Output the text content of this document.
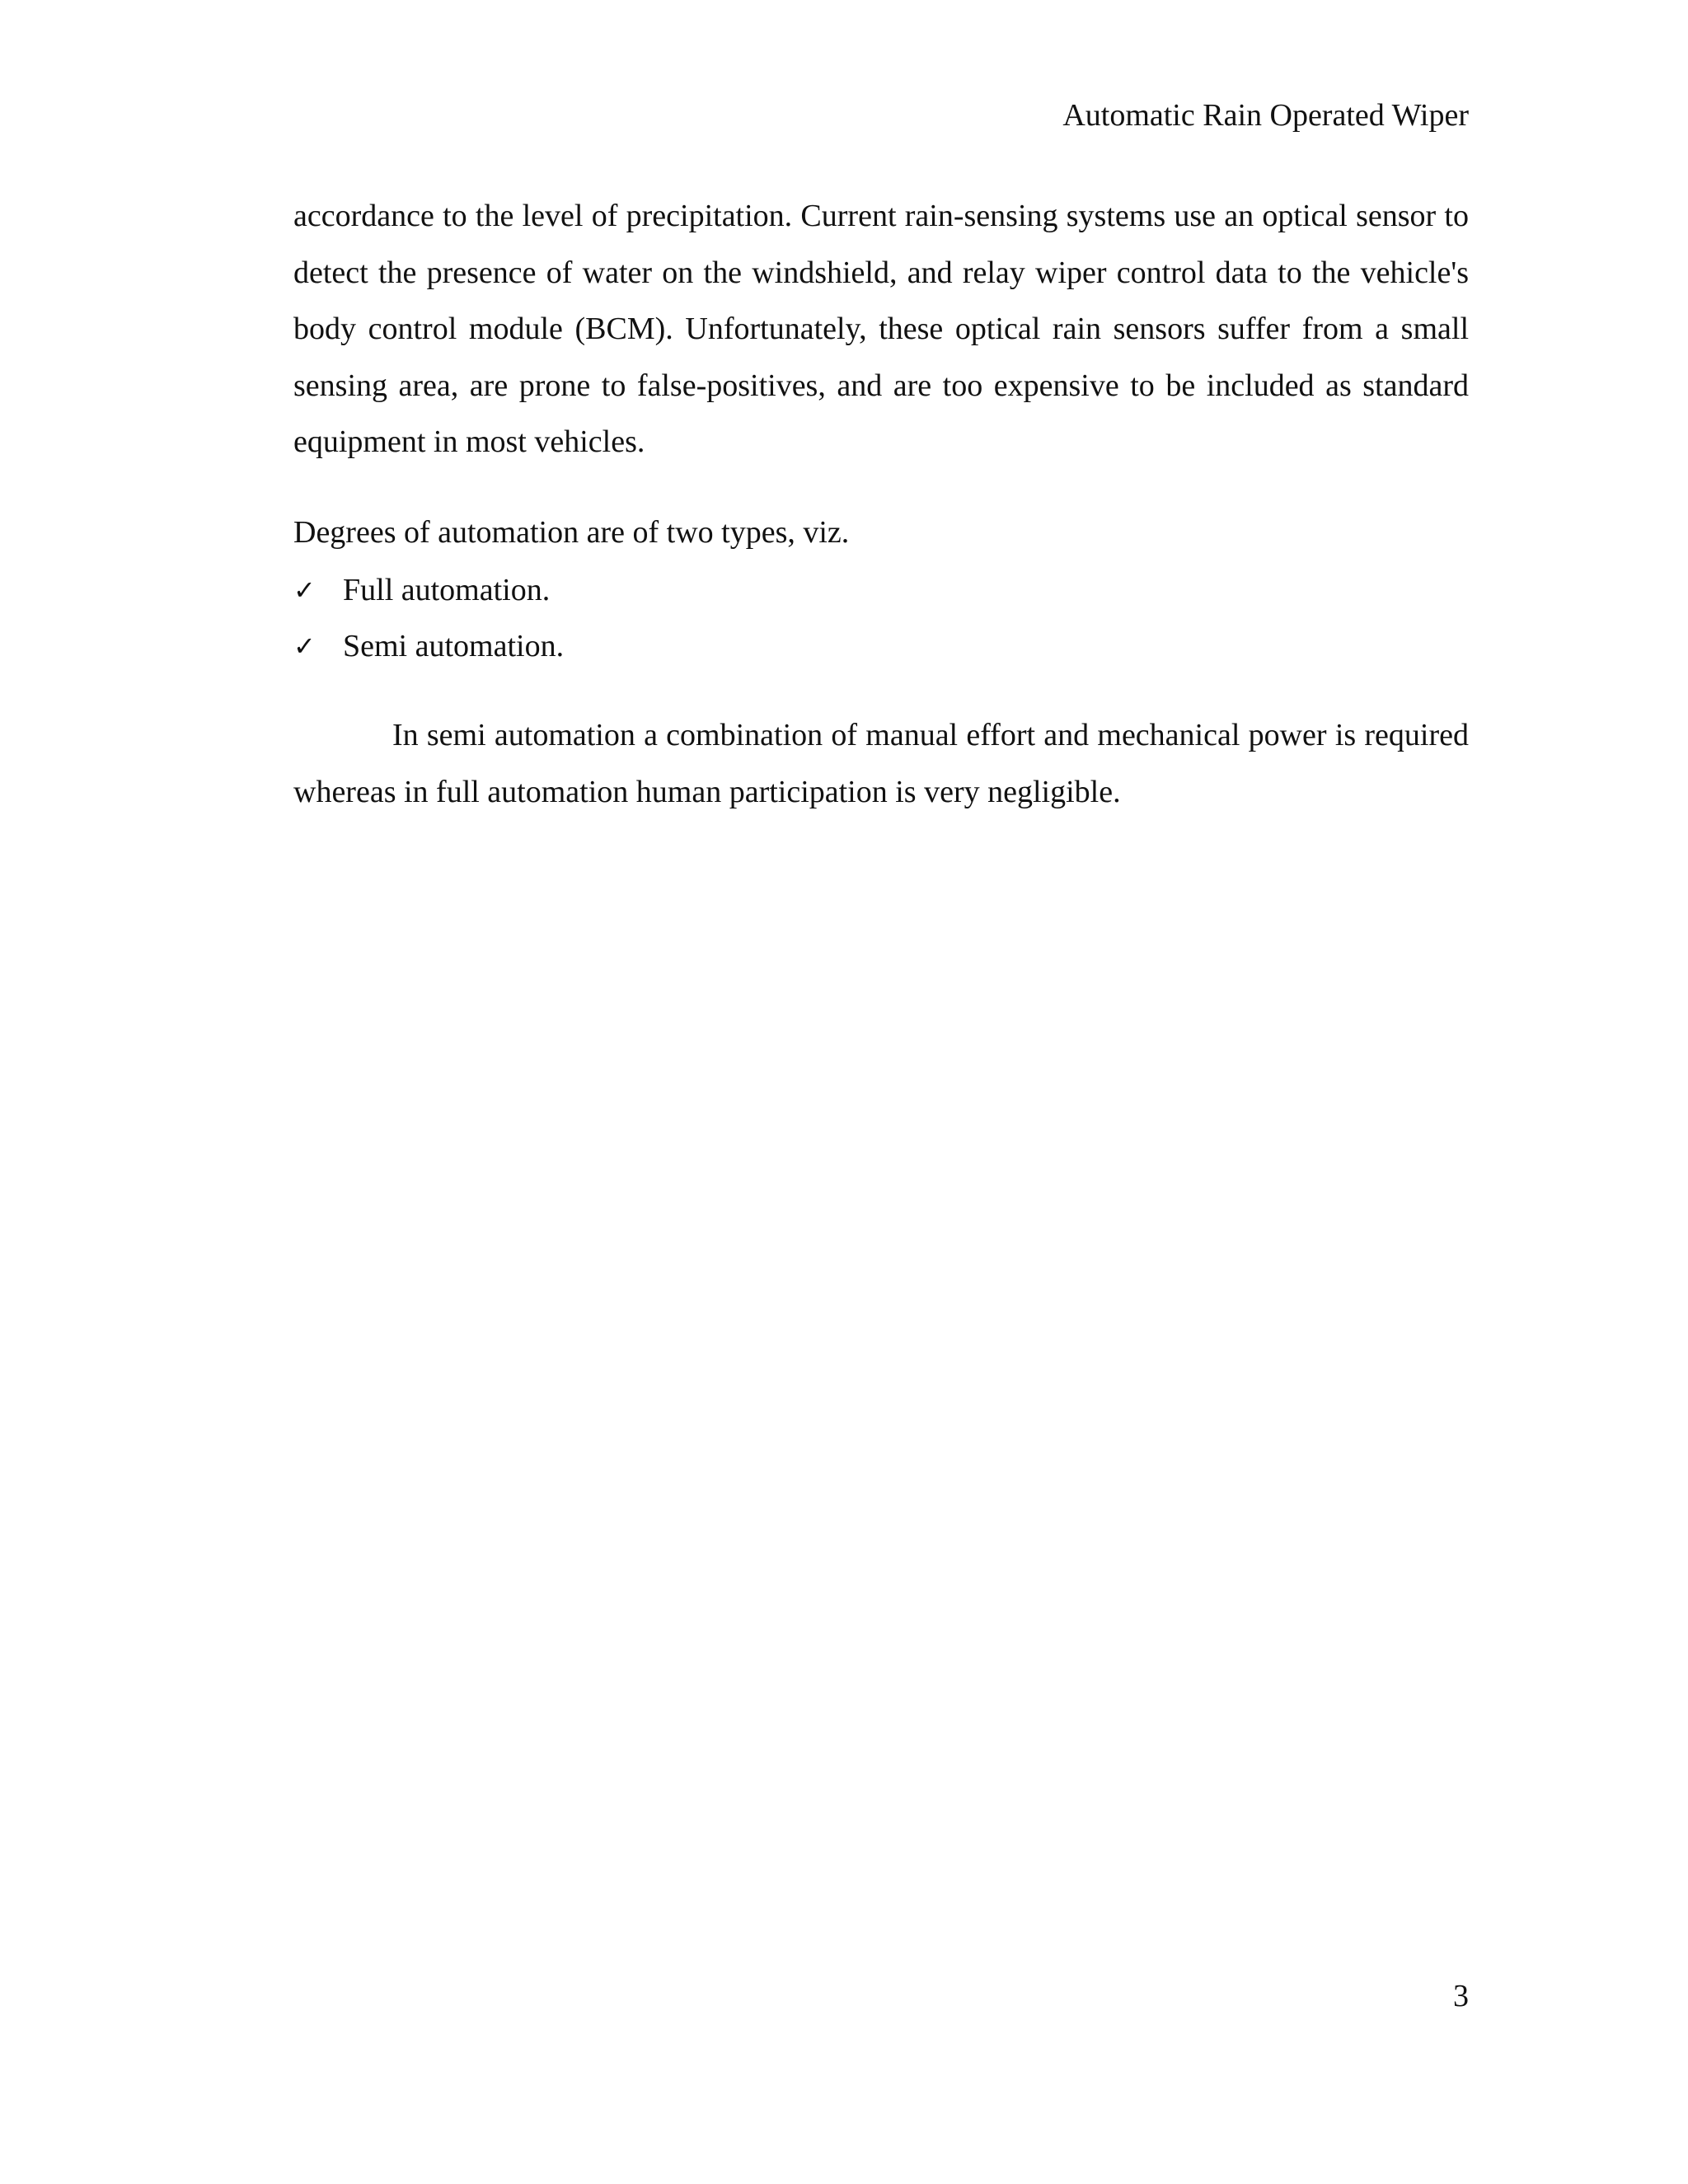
Automatic Rain Operated Wiper

accordance to the level of precipitation. Current rain-sensing systems use an optical sensor to detect the presence of water on the windshield, and relay wiper control data to the vehicle's body control module (BCM). Unfortunately, these optical rain sensors suffer from a small sensing area, are prone to false-positives, and are too expensive to be included as standard equipment in most vehicles.

Degrees of automation are of two types, viz.
✓ Full automation.
✓ Semi automation.

In semi automation a combination of manual effort and mechanical power is required whereas in full automation human participation is very negligible.

3
